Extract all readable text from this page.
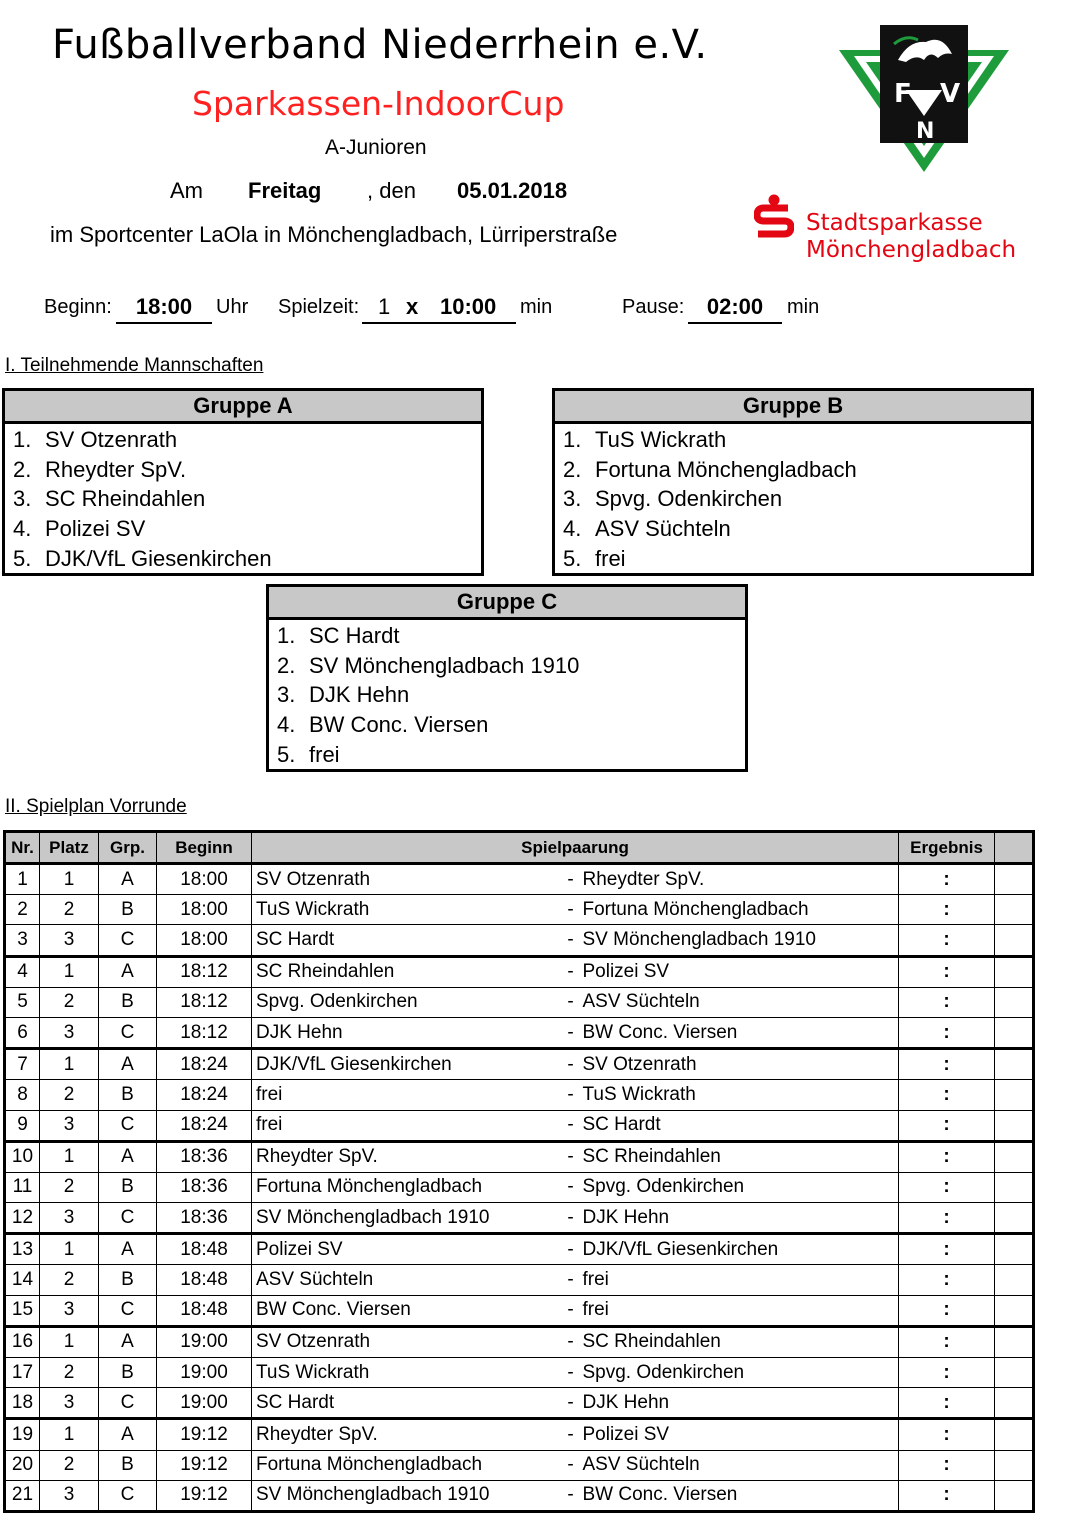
Fußballverband Niederrhein e.V.
Sparkassen-IndoorCup
A-Junioren
Am Freitag , den 05.01.2018
im Sportcenter LaOla in Mönchengladbach, Lürriperstraße
F V
N
Stadtsparkasse
Mönchengladbach
Beginn:	18:00	Uhr Spielzeit: 1 x 10:00 min	Pause:	02:00	min
I. Teilnehmende Mannschaften
Gruppe A
1. SV Otzenrath
2. Rheydter SpV.
3. SC Rheindahlen
4. Polizei SV
5. DJK/VfL Giesenkirchen
Gruppe B
1. TuS Wickrath
2. Fortuna Mönchengladbach
3. Spvg. Odenkirchen
4. ASV Süchteln
5. frei
Gruppe C
1. SC Hardt
2. SV Mönchengladbach 1910
3. DJK Hehn
4. BW Conc. Viersen
5. frei
II. Spielplan Vorrunde
Nr.	Platz	Grp.	Beginn	Spielpaarung			Ergebnis	
1	1	A	18:00	SV Otzenrath	-	Rheydter SpV.	:	
2	2	B	18:00	TuS Wickrath	-	Fortuna Mönchengladbach	:	
3	3	C	18:00	SC Hardt	-	SV Mönchengladbach 1910	:	
4	1	A	18:12	SC Rheindahlen	-	Polizei SV	:	
5	2	B	18:12	Spvg. Odenkirchen	-	ASV Süchteln	:	
6	3	C	18:12	DJK Hehn	-	BW Conc. Viersen	:	
7	1	A	18:24	DJK/VfL Giesenkirchen	-	SV Otzenrath	:	
8	2	B	18:24	frei	-	TuS Wickrath	:	
9	3	C	18:24	frei	-	SC Hardt	:	
10	1	A	18:36	Rheydter SpV.	-	SC Rheindahlen	:	
11	2	B	18:36	Fortuna Mönchengladbach	-	Spvg. Odenkirchen	:	
12	3	C	18:36	SV Mönchengladbach 1910	-	DJK Hehn	:	
13	1	A	18:48	Polizei SV	-	DJK/VfL Giesenkirchen	:	
14	2	B	18:48	ASV Süchteln	-	frei	:	
15	3	C	18:48	BW Conc. Viersen	-	frei	:	
16	1	A	19:00	SV Otzenrath	-	SC Rheindahlen	:	
17	2	B	19:00	TuS Wickrath	-	Spvg. Odenkirchen	:	
18	3	C	19:00	SC Hardt	-	DJK Hehn	:	
19	1	A	19:12	Rheydter SpV.	-	Polizei SV	:	
20	2	B	19:12	Fortuna Mönchengladbach	-	ASV Süchteln	:	
21	3	C	19:12	SV Mönchengladbach 1910	-	BW Conc. Viersen	:	
